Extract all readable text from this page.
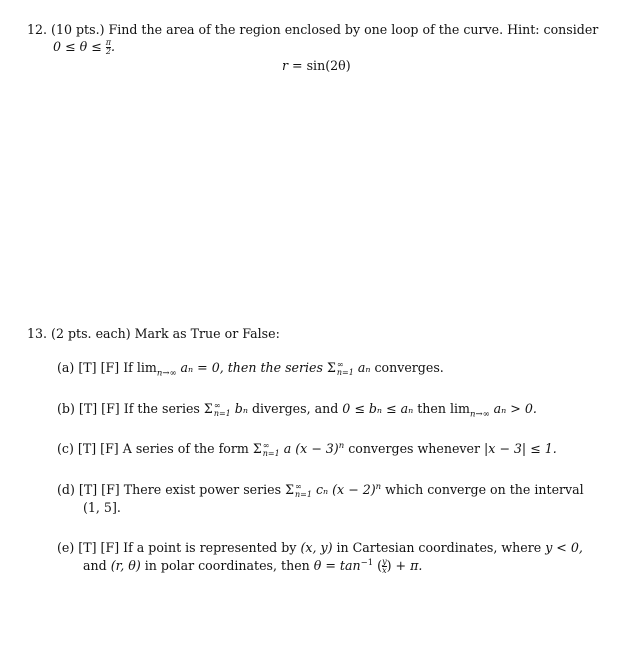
12. (10 pts.) Find the area of the region enclosed by one loop of the curve. Hint: consider
$0 \le \theta \le \frac{\pi}{2}$ .
r = sin(2θ)
13. (2 pts. each) Mark as True or False:
(a) [T] [F] If $\lim_{n\to\infty} a_n = 0$, then the series Σ ∞
n=1 aₙ converges.
(b) [T] [F] If the series Σ ∞
n=1 bₙ diverges, and 0 ≤ bₙ ≤ aₙ then $\lim_{n\to\infty} a_n > 0$.
(c) [T] [F] A series of the form Σ ∞
n=1 a $(x - 3)^n$ converges whenever |x − 3| ≤ 1.
(d) [T] [F] There exist power series Σ ∞
n=1 cₙ $(x - 2)^n$ which converge on the interval
(1, 5].
(e) [T] [F] If a point is represented by (x, y) in Cartesian coordinates, where y < 0,
and (r, θ) in polar coordinates, then $\theta = \tan^{-1}$ ( $\frac{y}{x}$ ) + π.
